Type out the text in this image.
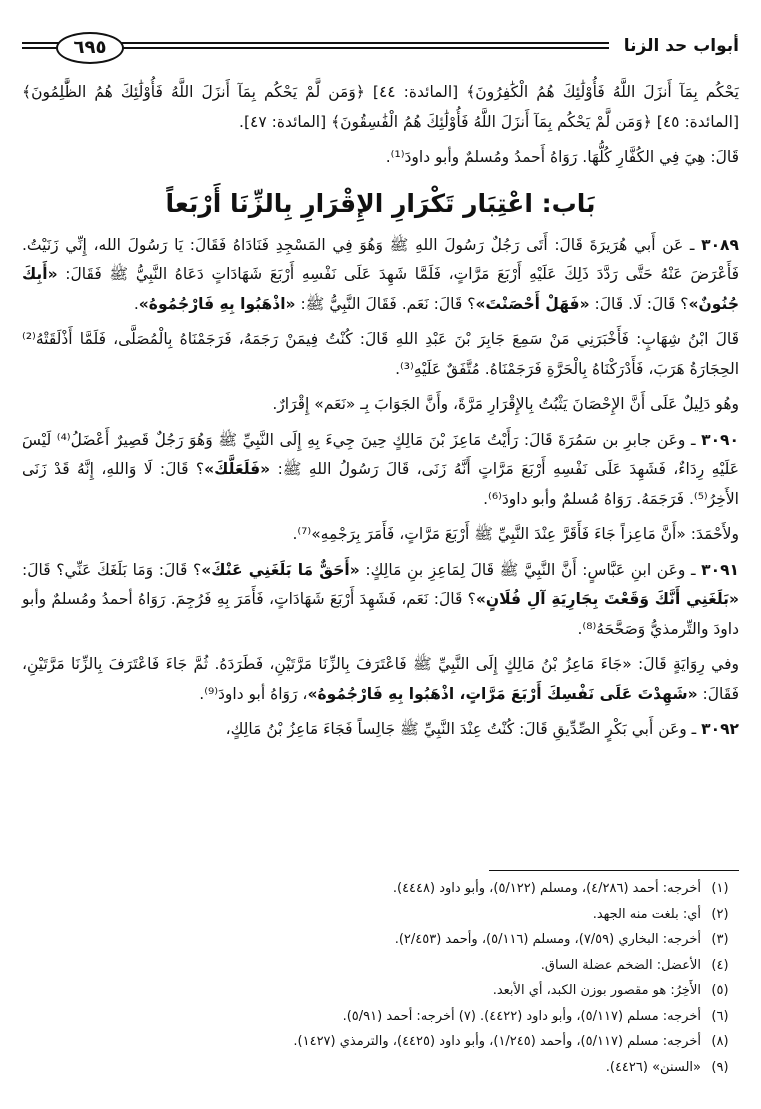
أبواب حد الزنا
٦٩٥

يَحْكُم بِمَآ أَنزَلَ اللَّهُ فَأُوْلَٰئِكَ هُمُ الْكَٰفِرُونَ﴾ [المائدة: ٤٤] ﴿وَمَن لَّمْ يَحْكُم بِمَآ أَنزَلَ اللَّهُ فَأُوْلَٰئِكَ هُمُ الظَّٰلِمُونَ﴾ [المائدة: ٤٥] ﴿وَمَن لَّمْ يَحْكُم بِمَآ أَنزَلَ اللَّهُ فَأُوْلَٰئِكَ هُمُ الْفَٰسِقُونَ﴾ [المائدة: ٤٧].

قَالَ: هِيَ فِي الكُفَّارِ كُلُّهَا. رَوَاهُ أَحمدُ ومُسلمٌ وأبو داودَ⁽¹⁾.

بَاب: اعْتِبَار تَكْرَارِ الإِقْرَارِ بِالزِّنَا أَرْبَعاً

٣٠٨٩ ـ عَن أَبي هُرَيرَةَ قَالَ: أَتَى رَجُلٌ رَسُولَ اللهِ ﷺ وَهُوَ فِي المَسْجِدِ فَنَادَاهُ فَقَالَ: يَا رَسُولَ الله، إِنِّي زَنَيْتُ. فَأَعْرَضَ عَنْهُ حَتَّى رَدَّدَ ذَلِكَ عَلَيْهِ أَرْبَعَ مَرَّاتٍ، فَلَمَّا شَهِدَ عَلَى نَفْسِهِ أَرْبَعَ شَهَادَاتٍ دَعَاهُ النَّبِيُّ ﷺ فَقَالَ: «أَبِكَ جُنُونٌ»؟ قَالَ: لَا. قَالَ: «فَهَلْ أَحْصَنْتَ»؟ قَالَ: نَعَم. فَقَالَ النَّبِيُّ ﷺ: «اذْهَبُوا بِهِ فَارْجُمُوهُ».

قَالَ ابْنُ شِهَابٍ: فَأَخْبَرَنِي مَنْ سَمِعَ جَابِرَ بْنَ عَبْدِ اللهِ قَالَ: كُنْتُ فِيمَنْ رَجَمَهُ، فَرَجَمْنَاهُ بِالْمُصَلَّى، فَلَمَّا أَذْلَقَتْهُ⁽²⁾ الحِجَارَةُ هَرَبَ، فَأَدْرَكْنَاهُ بِالْحَرَّةِ فَرَجَمْنَاهُ. مُتَّفَقٌ عَلَيْهِ⁽³⁾.

وهُو دَلِيلٌ عَلَى أَنَّ الإِحْصَانَ يَثْبُتُ بِالإِقْرَارِ مَرَّةً، وأَنَّ الجَوَابَ بِـ «نَعَم» إِقْرَارٌ.

٣٠٩٠ ـ وعَن جابرِ بن سَمُرَةَ قَالَ: رَأَيْتُ مَاعِزَ بْنَ مَالِكٍ حِينَ جِيءَ بِهِ إِلَى النَّبِيِّ ﷺ وَهُوَ رَجُلٌ قَصِيرٌ أَعْضَلُ⁽⁴⁾ لَيْسَ عَلَيْهِ رِدَاءٌ، فَشَهِدَ عَلَى نَفْسِهِ أَرْبَعَ مَرَّاتٍ أَنَّهُ زَنَى، قَالَ رَسُولُ اللهِ ﷺ: «فَلَعَلَّكَ»؟ قَالَ: لَا وَاللهِ، إِنَّهُ قَدْ زَنَى الأَخِرُ⁽⁵⁾. فَرَجَمَهُ. رَوَاهُ مُسلمٌ وأبو داودَ⁽⁶⁾.

ولأَحْمَدَ: «أَنَّ مَاعِزاً جَاءَ فَأَقَرَّ عِنْدَ النَّبِيِّ ﷺ أَرْبَعَ مَرَّاتٍ، فَأَمَرَ بِرَجْمِهِ»⁽⁷⁾.

٣٠٩١ ـ وعَن ابنِ عَبَّاسٍ: أَنَّ النَّبِيَّ ﷺ قَالَ لِمَاعِزِ بنِ مَالِكٍ: «أَحَقٌّ مَا بَلَغَنِي عَنْكَ»؟ قَالَ: وَمَا بَلَغَكَ عَنِّي؟ قَالَ: «بَلَغَنِي أَنَّكَ وَقَعْتَ بِجَارِيَةِ آلِ فُلَانٍ»؟ قَالَ: نَعَم، فَشَهِدَ أَرْبَعَ شَهَادَاتٍ، فَأَمَرَ بِهِ فَرُجِمَ. رَوَاهُ أحمدُ ومُسلمٌ وأبو داودَ والتِّرمذيُّ وَصَحَّحَهُ⁽⁸⁾.

وفي رِوَايَةٍ قَالَ: «جَاءَ مَاعِزُ بْنُ مَالِكٍ إِلَى النَّبِيِّ ﷺ فَاعْتَرَفَ بِالزِّنَا مَرَّتَيْنِ، فَطَرَدَهُ. ثُمَّ جَاءَ فَاعْتَرَفَ بِالزِّنَا مَرَّتَيْنِ، فَقَالَ: «شَهِدْتَ عَلَى نَفْسِكَ أَرْبَعَ مَرَّاتٍ، اذْهَبُوا بِهِ فَارْجُمُوهُ»، رَوَاهُ أبو داودَ⁽⁹⁾.

٣٠٩٢ ـ وعَن أَبي بَكْرٍ الصِّدِّيقِ قَالَ: كُنْتُ عِنْدَ النَّبِيِّ ﷺ جَالِساً فَجَاءَ مَاعِزُ بْنُ مَالِكٍ،

(١)
أخرجه: أحمد (٤/٢٨٦)، ومسلم (٥/١٢٢)، وأبو داود (٤٤٤٨).
(٢)
أي: بلغت منه الجهد.
(٣)
أخرجه: البخاري (٧/٥٩)، ومسلم (٥/١١٦)، وأحمد (٢/٤٥٣).
(٤)
الأعضل: الضخم عضلة الساق.
(٥)
الأَخِرُ: هو مقصور بوزن الكبد، أي الأبعد.
(٦)
أخرجه: مسلم (٥/١١٧)، وأبو داود (٤٤٢٢). (٧) أخرجه: أحمد (٥/٩١).
(٨)
أخرجه: مسلم (٥/١١٧)، وأحمد (١/٢٤٥)، وأبو داود (٤٤٢٥)، والترمذي (١٤٢٧).
(٩)
«السنن» (٤٤٢٦).
